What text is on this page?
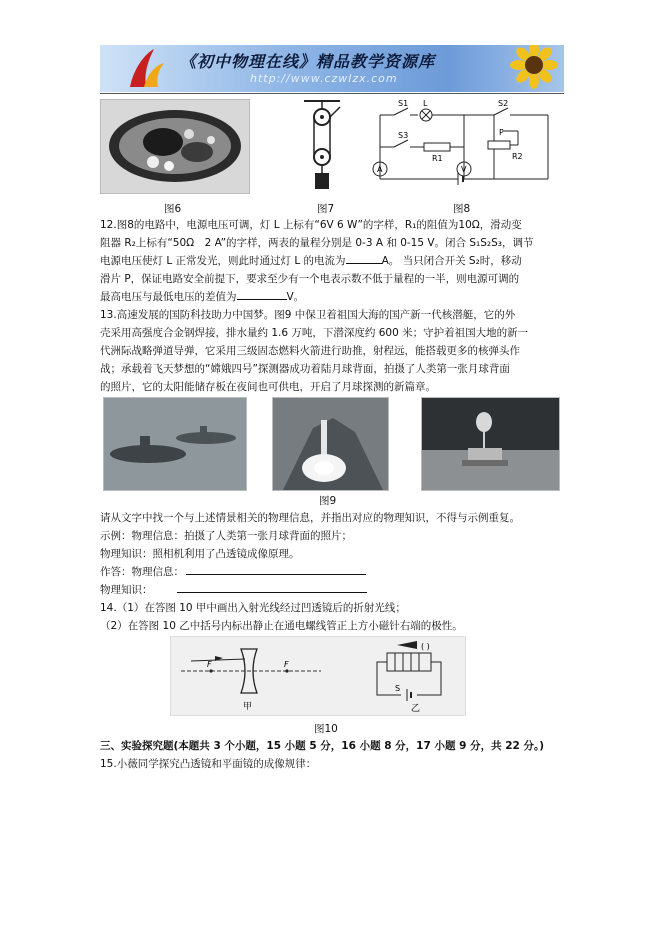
《初中物理在线》精品教学资源库
http://www.czwlzx.com
S1 L	S2
S3
R1
P
R2
A	V
图6	图7	图8
12.图8的电路中，电源电压可调，灯 L 上标有“6V 6 W”的字样，R₁的阻值为10Ω，滑动变
阻器 R₂上标有“50Ω　2 A”的字样，两表的量程分别是 0-3 A 和 0-15 V。闭合 S₁S₂S₃，调节
电源电压使灯 L 正常发光，则此时通过灯 L 的电流为	A。 当只闭合开关 S₂时，移动
滑片 P，保证电路安全前提下，要求至少有一个电表示数不低于量程的一半，则电源可调的
最高电压与最低电压的差值为	V。
13.高速发展的国防科技助力中国梦。图9 中保卫着祖国大海的国产新一代核潜艇，它的外
壳采用高强度合金钢焊接，排水量约 1.6 万吨，下潜深度约 600 米；守护着祖国大地的新一
代洲际战略弹道导弹，它采用三级固态燃料火箭进行助推，射程远，能搭载更多的核弹头作
战；承载着飞天梦想的“嫦娥四号”探测器成功着陆月球背面，拍摄了人类第一张月球背面
的照片，它的太阳能储存板在夜间也可供电，开启了月球探测的新篇章。
图9
请从文字中找一个与上述情景相关的物理信息，并指出对应的物理知识，不得与示例重复。
示例：物理信息：拍摄了人类第一张月球背面的照片；
物理知识：照相机利用了凸透镜成像原理。
作答：物理信息：
物理知识：
14.（1）在答图 10 甲中画出入射光线经过凹透镜后的折射光线；
（2）在答图 10 乙中括号内标出静止在通电螺线管正上方小磁针右端的极性。
F	F
甲
( )
S
乙
图10
三、实验探究题(本题共 3 个小题，15 小题 5 分，16 小题 8 分，17 小题 9 分，共 22 分。)
15.小薇同学探究凸透镜和平面镜的成像规律：
